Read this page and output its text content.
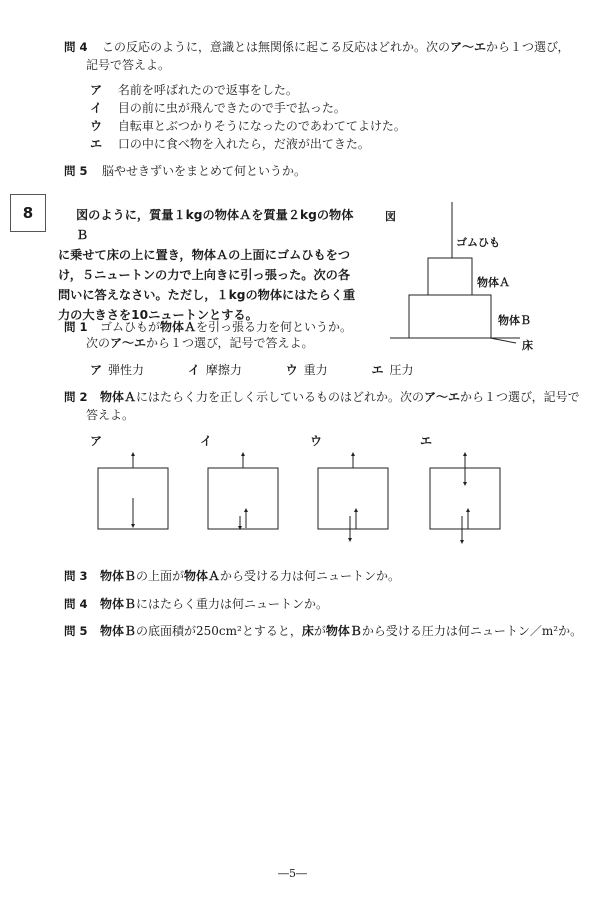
問 4 この反応のように，意識とは無関係に起こる反応はどれか。次のア〜エから１つ選び，
記号で答えよ。
ア 名前を呼ばれたので返事をした。
イ 目の前に虫が飛んできたので手で払った。
ウ 自転車とぶつかりそうになったのであわててよけた。
エ 口の中に食べ物を入れたら，だ液が出てきた。
問 5 脳やせきずいをまとめて何というか。
8	図のように，質量１kgの物体Ａを質量２kgの物体Ｂ
に乗せて床の上に置き，物体Ａの上面にゴムひもをつ
け，５ニュートンの力で上向きに引っ張った。次の各
問いに答えなさい。ただし，１kgの物体にはたらく重
力の大きさを10ニュートンとする。
図
ゴムひも
物体Ａ
物体Ｂ
床
問 1 ゴムひもが物体Ａを引っ張る力を何というか。
次のア〜エから１つ選び，記号で答えよ。
ア 弾性力	イ 摩擦力	ウ 重力	エ 圧力
問 2 物体Ａにはたらく力を正しく示しているものはどれか。次のア〜エから１つ選び，記号で
答えよ。
ア	イ	ウ	エ
問 3 物体Ｂの上面が物体Ａから受ける力は何ニュートンか。
問 4 物体Ｂにはたらく重力は何ニュートンか。
問 5 物体Ｂの底面積が250cm²とすると，床が物体Ｂから受ける圧力は何ニュートン／m²か。
―5―
